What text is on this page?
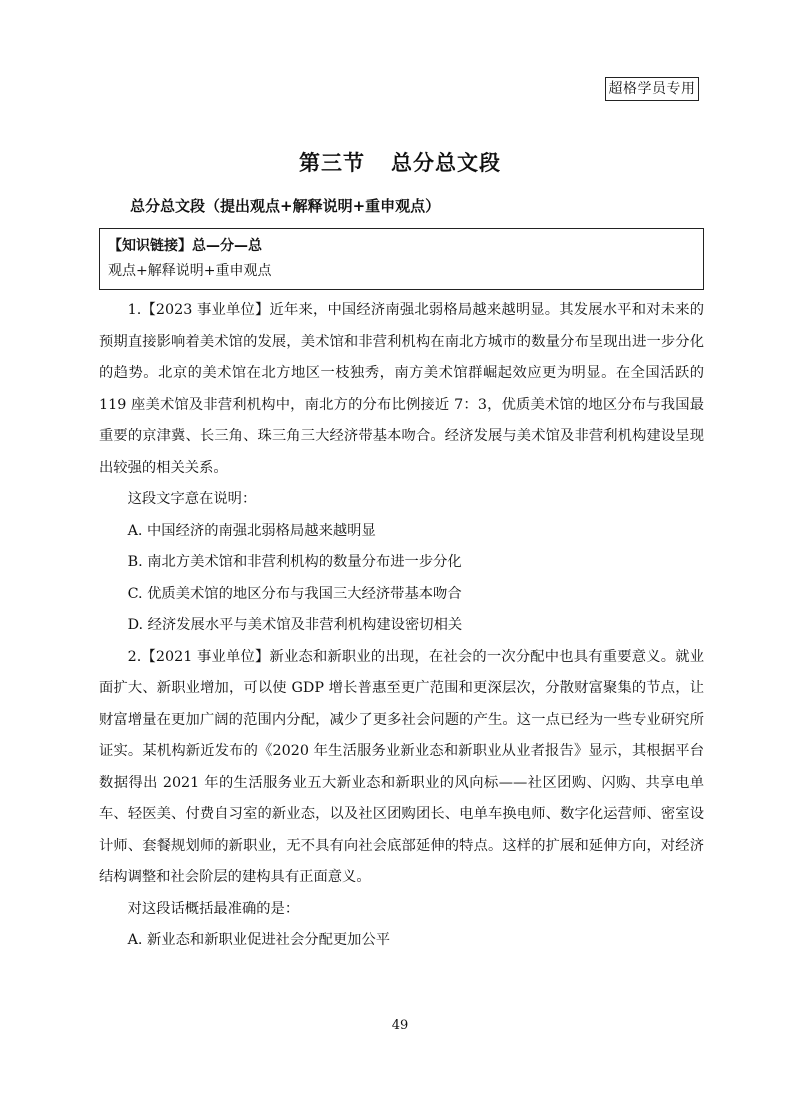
超格学员专用
第三节 总分总文段
总分总文段（提出观点+解释说明+重申观点）
【知识链接】总—分—总
观点+解释说明+重申观点

1.【2023 事业单位】近年来，中国经济南强北弱格局越来越明显。其发展水平和对未来的预期直接影响着美术馆的发展，美术馆和非营利机构在南北方城市的数量分布呈现出进一步分化的趋势。北京的美术馆在北方地区一枝独秀，南方美术馆群崛起效应更为明显。在全国活跃的 119 座美术馆及非营利机构中，南北方的分布比例接近 7：3，优质美术馆的地区分布与我国最重要的京津冀、长三角、珠三角三大经济带基本吻合。经济发展与美术馆及非营利机构建设呈现出较强的相关关系。

这段文字意在说明：

A. 中国经济的南强北弱格局越来越明显

B. 南北方美术馆和非营利机构的数量分布进一步分化

C. 优质美术馆的地区分布与我国三大经济带基本吻合

D. 经济发展水平与美术馆及非营利机构建设密切相关

2.【2021 事业单位】新业态和新职业的出现，在社会的一次分配中也具有重要意义。就业面扩大、新职业增加，可以使 GDP 增长普惠至更广范围和更深层次，分散财富聚集的节点，让财富增量在更加广阔的范围内分配，减少了更多社会问题的产生。这一点已经为一些专业研究所证实。某机构新近发布的《2020 年生活服务业新业态和新职业从业者报告》显示，其根据平台数据得出 2021 年的生活服务业五大新业态和新职业的风向标——社区团购、闪购、共享电单车、轻医美、付费自习室的新业态，以及社区团购团长、电单车换电师、数字化运营师、密室设计师、套餐规划师的新职业，无不具有向社会底部延伸的特点。这样的扩展和延伸方向，对经济结构调整和社会阶层的建构具有正面意义。

对这段话概括最准确的是：

A. 新业态和新职业促进社会分配更加公平

49
